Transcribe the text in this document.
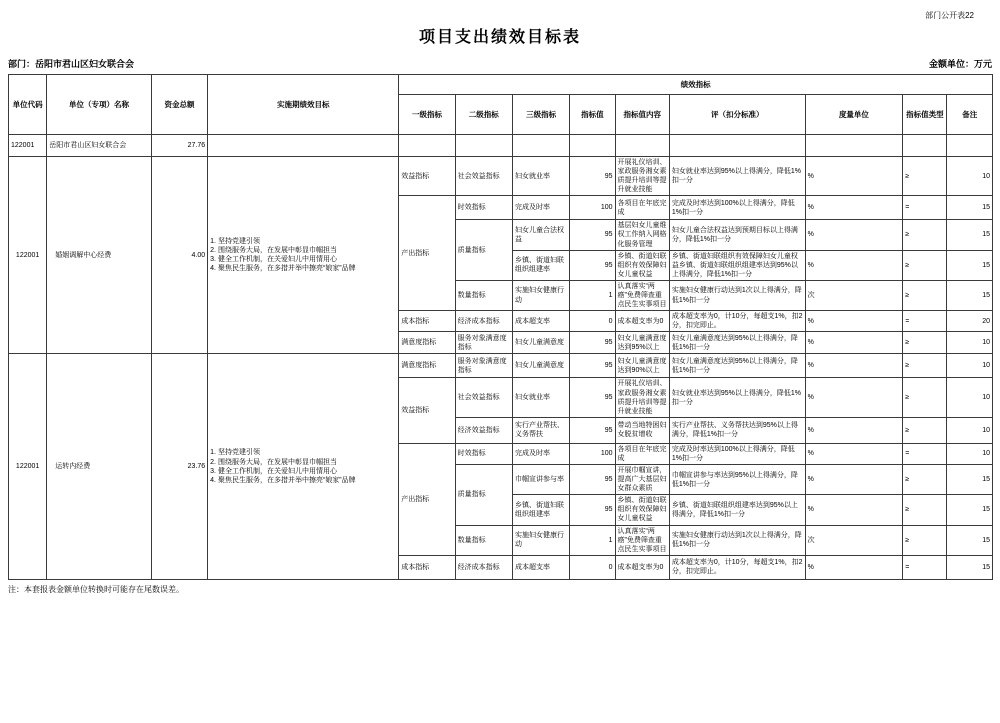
部门公开表22
项目支出绩效目标表
部门：岳阳市君山区妇女联合会	金额单位：万元
单位代码	单位（专项）名称	资金总额	实施期绩效目标	绩效指标								
				一级指标	二级指标	三级指标	指标值	指标值内容	评（扣分标准）	度量单位	指标值类型	备注
122001	岳阳市君山区妇女联合会	27.76										
122001	婚姻调解中心经费	4.00	1. 坚持党建引领
2. 围绕服务大局，在发展中彰显巾帼担当
3. 健全工作机制，在关爱妇儿中用情用心
4. 聚焦民生服务，在多措并举中擦亮“娘家”品牌	效益指标	社会效益指标	妇女就业率	95	开展礼仪培训、家政服务湘女素质提升培训等提升就业技能	妇女就业率达到95%以上得满分，降低1%扣一分	%	≥	10
				产出指标	时效指标	完成及时率	100	各项目在年底完成	完成及时率达到100%以上得满分，降低1%扣一分	%	=	15
					质量指标	妇女儿童合法权益	95	基层妇女儿童维权工作纳入网格化服务管理	妇女儿童合法权益达到预期目标以上得满分，降低1%扣一分	%	≥	15
						乡镇、街道妇联组织组建率	95	乡镇、街道妇联组织有效保障妇女儿童权益	乡镇、街道妇联组织有效保障妇女儿童权益乡镇、街道妇联组织组建率达到95%以上得满分，降低1%扣一分	%	≥	15
					数量指标	实施妇女健康行动	1	认真落实“两癌”免费筛查重点民生实事项目	实施妇女健康行动达到1次以上得满分，降低1%扣一分	次	≥	15
				成本指标	经济成本指标	成本超支率	0	成本超支率为0	成本超支率为0，计10分，每超支1%，扣2分，扣完即止。	%	=	20
				满意度指标	服务对象满意度指标	妇女儿童满意度	95	妇女儿童满意度达到95%以上	妇女儿童满意度达到95%以上得满分，降低1%扣一分	%	≥	10
122001	运转内经费	23.76	1. 坚持党建引领
2. 围绕服务大局，在发展中彰显巾帼担当
3. 健全工作机制，在关爱妇儿中用情用心
4. 聚焦民生服务，在多措并举中擦亮“娘家”品牌	满意度指标	服务对象满意度指标	妇女儿童满意度	95	妇女儿童满意度达到90%以上	妇女儿童满意度达到95%以上得满分，降低1%扣一分	%	≥	10
				效益指标	社会效益指标	妇女就业率	95	开展礼仪培训、家政服务湘女素质提升培训等提升就业技能	妇女就业率达到95%以上得满分，降低1%扣一分	%	≥	10
					经济效益指标	实行产业帮扶、义务帮扶	95	带动当地特困妇女脱贫增收	实行产业帮扶、义务帮扶达到95%以上得满分，降低1%扣一分	%	≥	10
				产出指标	时效指标	完成及时率	100	各项目在年底完成	完成及时率达到100%以上得满分，降低1%扣一分	%	=	10
					质量指标	巾帼宣讲参与率	95	开展巾帼宣讲，提高广大基层妇女群众素质	巾帼宣讲参与率达到95%以上得满分，降低1%扣一分	%	≥	15
						乡镇、街道妇联组织组建率	95	乡镇、街道妇联组织有效保障妇女儿童权益	乡镇、街道妇联组织组建率达到95%以上得满分，降低1%扣一分	%	≥	15
					数量指标	实施妇女健康行动	1	认真落实“两癌”免费筛查重点民生实事项目	实施妇女健康行动达到1次以上得满分，降低1%扣一分	次	≥	15
				成本指标	经济成本指标	成本超支率	0	成本超支率为0	成本超支率为0，计10分，每超支1%，扣2分，扣完即止。	%	=	15
注：本套报表金额单位转换时可能存在尾数误差。
